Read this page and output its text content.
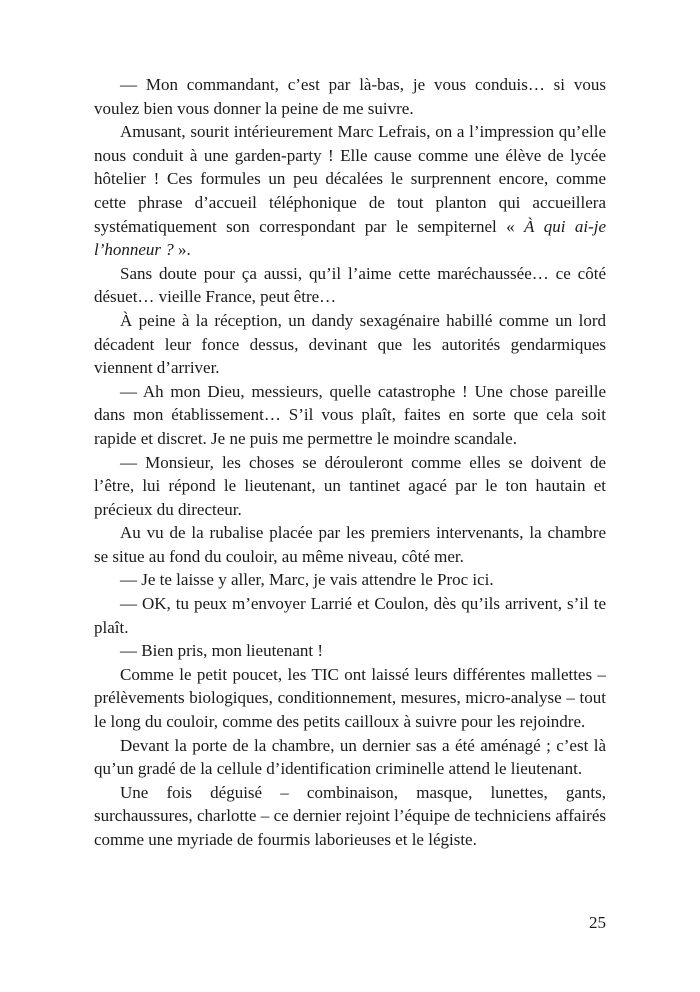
— Mon commandant, c’est par là-bas, je vous conduis… si vous voulez bien vous donner la peine de me suivre.

Amusant, sourit intérieurement Marc Lefrais, on a l’impression qu’elle nous conduit à une garden-party ! Elle cause comme une élève de lycée hôtelier ! Ces formules un peu décalées le surprennent encore, comme cette phrase d’accueil téléphonique de tout planton qui accueillera systématiquement son correspondant par le sempiternel « À qui ai-je l’honneur ? ».

Sans doute pour ça aussi, qu’il l’aime cette maréchaussée… ce côté désuet… vieille France, peut être…

À peine à la réception, un dandy sexagénaire habillé comme un lord décadent leur fonce dessus, devinant que les autorités gendarmiques viennent d’arriver.

— Ah mon Dieu, messieurs, quelle catastrophe ! Une chose pareille dans mon établissement… S’il vous plaît, faites en sorte que cela soit rapide et discret. Je ne puis me permettre le moindre scandale.

— Monsieur, les choses se dérouleront comme elles se doivent de l’être, lui répond le lieutenant, un tantinet agacé par le ton hautain et précieux du directeur.

Au vu de la rubalise placée par les premiers intervenants, la chambre se situe au fond du couloir, au même niveau, côté mer.

— Je te laisse y aller, Marc, je vais attendre le Proc ici.

— OK, tu peux m’envoyer Larrié et Coulon, dès qu’ils arrivent, s’il te plaît.

— Bien pris, mon lieutenant !

Comme le petit poucet, les TIC ont laissé leurs différentes mallettes – prélèvements biologiques, conditionnement, mesures, micro-analyse – tout le long du couloir, comme des petits cailloux à suivre pour les rejoindre.

Devant la porte de la chambre, un dernier sas a été aménagé ; c’est là qu’un gradé de la cellule d’identification criminelle attend le lieutenant.

Une fois déguisé – combinaison, masque, lunettes, gants, surchaussures, charlotte – ce dernier rejoint l’équipe de techniciens affairés comme une myriade de fourmis laborieuses et le légiste.

25
